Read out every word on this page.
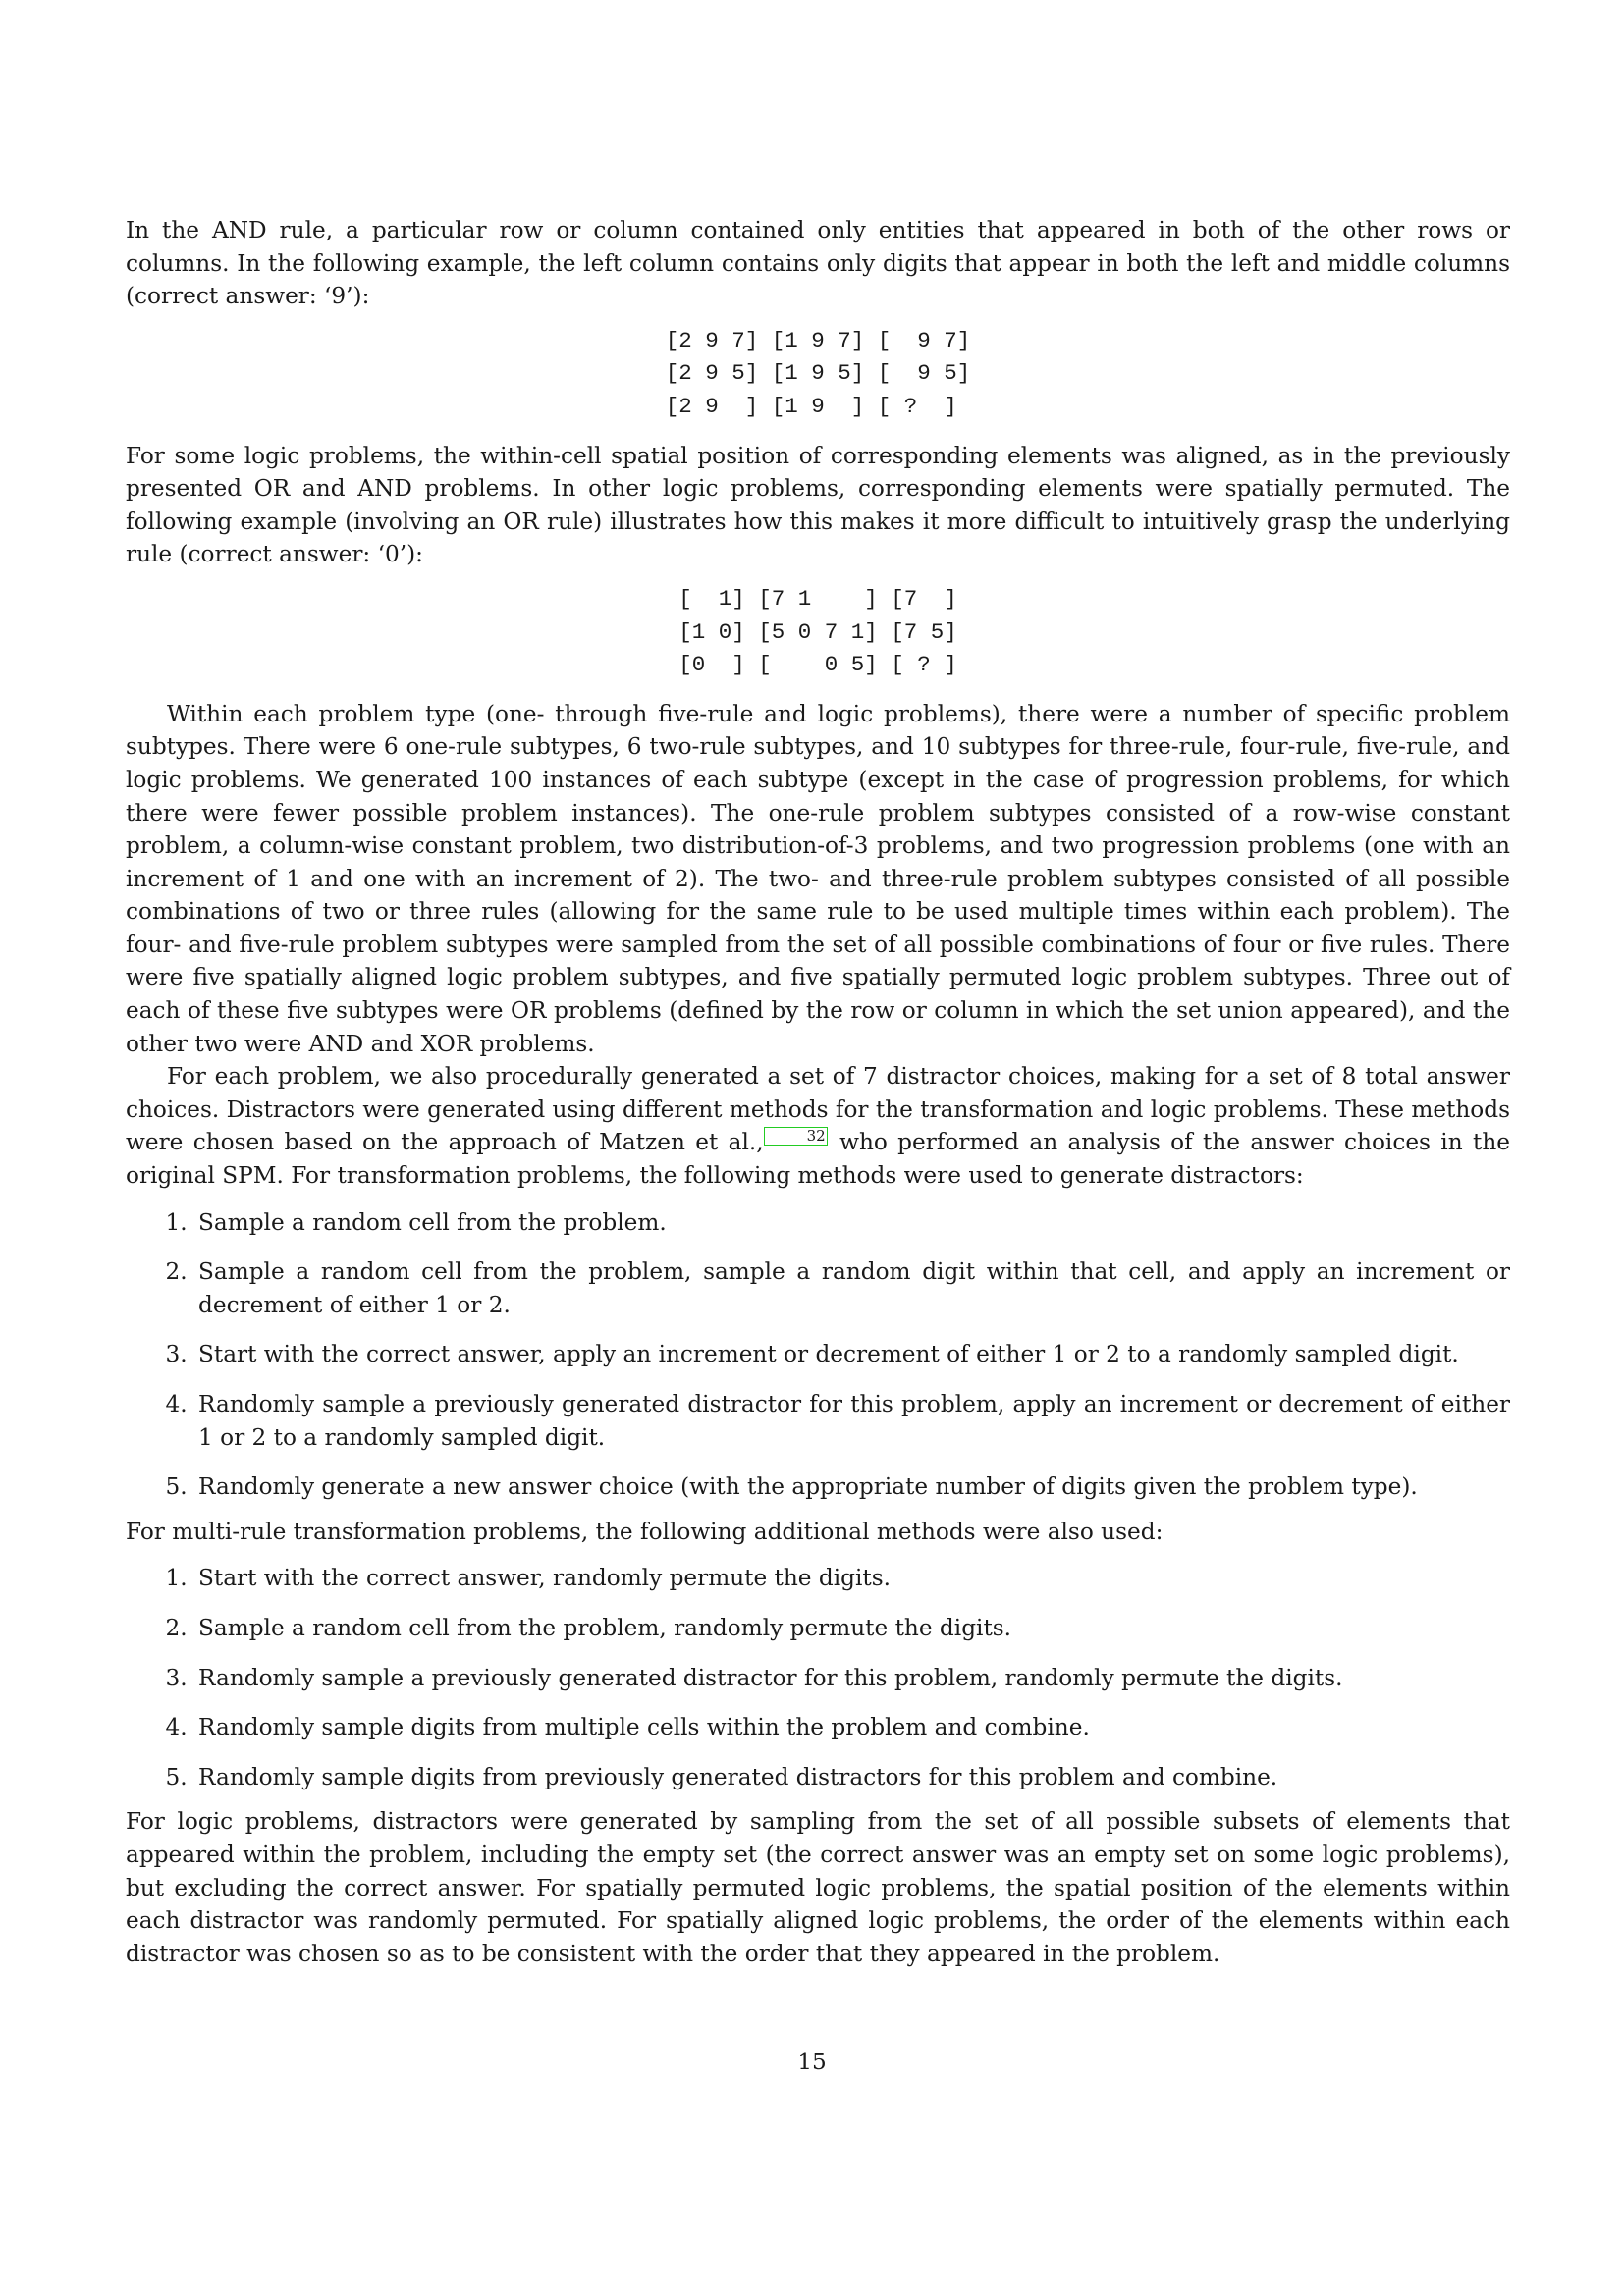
In the AND rule, a particular row or column contained only entities that appeared in both of the other rows or columns. In the following example, the left column contains only digits that appear in both the left and middle columns (correct answer: ‘9’):

[2 9 7] [1 9 7] [  9 7]
[2 9 5] [1 9 5] [  9 5]
[2 9  ] [1 9  ] [ ?  ]

For some logic problems, the within-cell spatial position of corresponding elements was aligned, as in the previously presented OR and AND problems. In other logic problems, corresponding elements were spatially permuted. The following example (involving an OR rule) illustrates how this makes it more difficult to intuitively grasp the underlying rule (correct answer: ‘0’):

[  1] [7 1    ] [7  ]
[1 0] [5 0 7 1] [7 5]
[0  ] [    0 5] [ ? ]

Within each problem type (one- through five-rule and logic problems), there were a number of specific problem subtypes. There were 6 one-rule subtypes, 6 two-rule subtypes, and 10 subtypes for three-rule, four-rule, five-rule, and logic problems. We generated 100 instances of each subtype (except in the case of progression problems, for which there were fewer possible problem instances). The one-rule problem subtypes consisted of a row-wise constant problem, a column-wise constant problem, two distribution-of-3 problems, and two progression problems (one with an increment of 1 and one with an increment of 2). The two- and three-rule problem subtypes consisted of all possible combinations of two or three rules (allowing for the same rule to be used multiple times within each problem). The four- and five-rule problem subtypes were sampled from the set of all possible combinations of four or five rules. There were five spatially aligned logic problem subtypes, and five spatially permuted logic problem subtypes. Three out of each of these five subtypes were OR problems (defined by the row or column in which the set union appeared), and the other two were AND and XOR problems.

For each problem, we also procedurally generated a set of 7 distractor choices, making for a set of 8 total answer choices. Distractors were generated using different methods for the transformation and logic problems. These methods were chosen based on the approach of Matzen et al.,	32 who performed an analysis of the answer choices in the original SPM. For transformation problems, the following methods were used to generate distractors:

1. Sample a random cell from the problem.
2. Sample a random cell from the problem, sample a random digit within that cell, and apply an increment or decrement of either 1 or 2.
3. Start with the correct answer, apply an increment or decrement of either 1 or 2 to a randomly sampled digit.
4. Randomly sample a previously generated distractor for this problem, apply an increment or decrement of either 1 or 2 to a randomly sampled digit.
5. Randomly generate a new answer choice (with the appropriate number of digits given the problem type).

For multi-rule transformation problems, the following additional methods were also used:

1. Start with the correct answer, randomly permute the digits.
2. Sample a random cell from the problem, randomly permute the digits.
3. Randomly sample a previously generated distractor for this problem, randomly permute the digits.
4. Randomly sample digits from multiple cells within the problem and combine.
5. Randomly sample digits from previously generated distractors for this problem and combine.

For logic problems, distractors were generated by sampling from the set of all possible subsets of elements that appeared within the problem, including the empty set (the correct answer was an empty set on some logic problems), but excluding the correct answer. For spatially permuted logic problems, the spatial position of the elements within each distractor was randomly permuted. For spatially aligned logic problems, the order of the elements within each distractor was chosen so as to be consistent with the order that they appeared in the problem.

15
